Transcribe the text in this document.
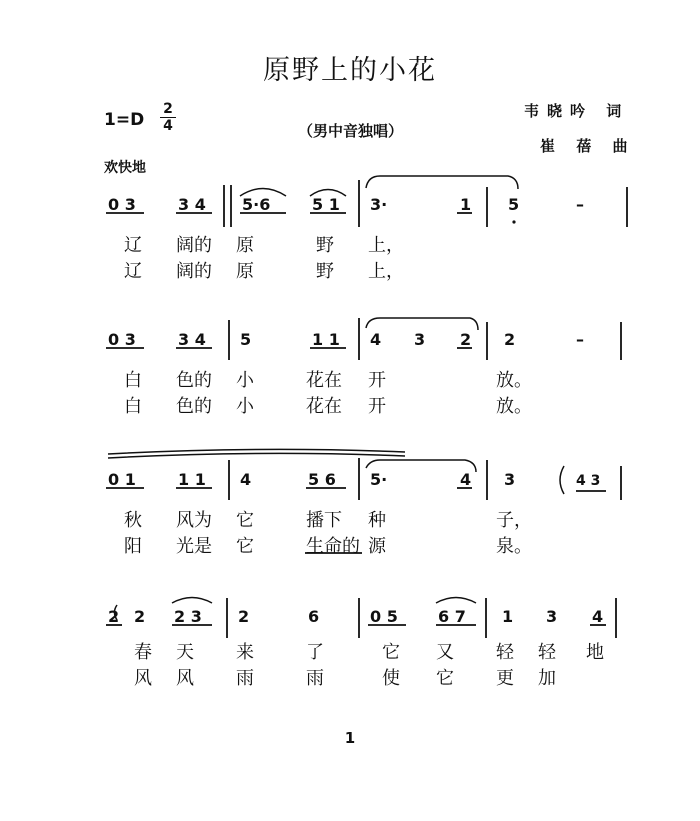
原野上的小花
1=D
2
4	（男中音独唱）
韦晓吟 词
崔 蓓 曲
欢快地
0 3	3 4 5·6	5 1 3·	1 5	–
辽 阔的 原	野 上，
辽 阔的 原	野 上，
0 3	3 4 5	1 1 4 3 2 2	–
白 色的 小	花在 开	放。
白 色的 小	花在 开	放。
0 1	1 1 4	5 6 5·	4 3	4 3
秋 风为 它	播下 种	子，
阳 光是 它	生命的 源	泉。
2 2 2 3 2	6	0 5	6 7 1 3 4
春 天 来	了	它 又 轻 轻 地
风 风 雨	雨	使 它 更 加
1
